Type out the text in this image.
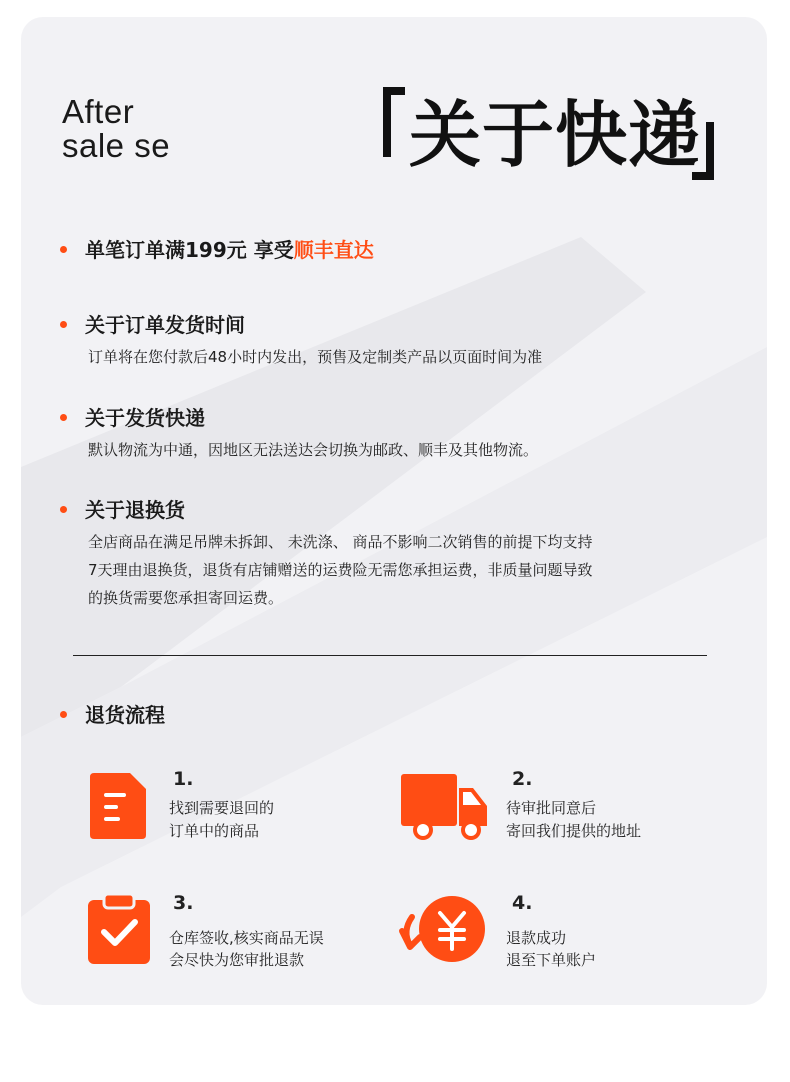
After
sale se	关于快递
单笔订单满199元 享受顺丰直达
关于订单发货时间
订单将在您付款后48小时内发出，预售及定制类产品以页面时间为准
关于发货快递
默认物流为中通，因地区无法送达会切换为邮政、顺丰及其他物流。
关于退换货
全店商品在满足吊牌未拆卸、 未洗涤、 商品不影响二次销售的前提下均支持
7天理由退换货，退货有店铺赠送的运费险无需您承担运费，非质量问题导致
的换货需要您承担寄回运费。
退货流程
1.
找到需要退回的
订单中的商品
2.
待审批同意后
寄回我们提供的地址
3.
仓库签收,核实商品无误
会尽快为您审批退款
4.
退款成功
退至下单账户
